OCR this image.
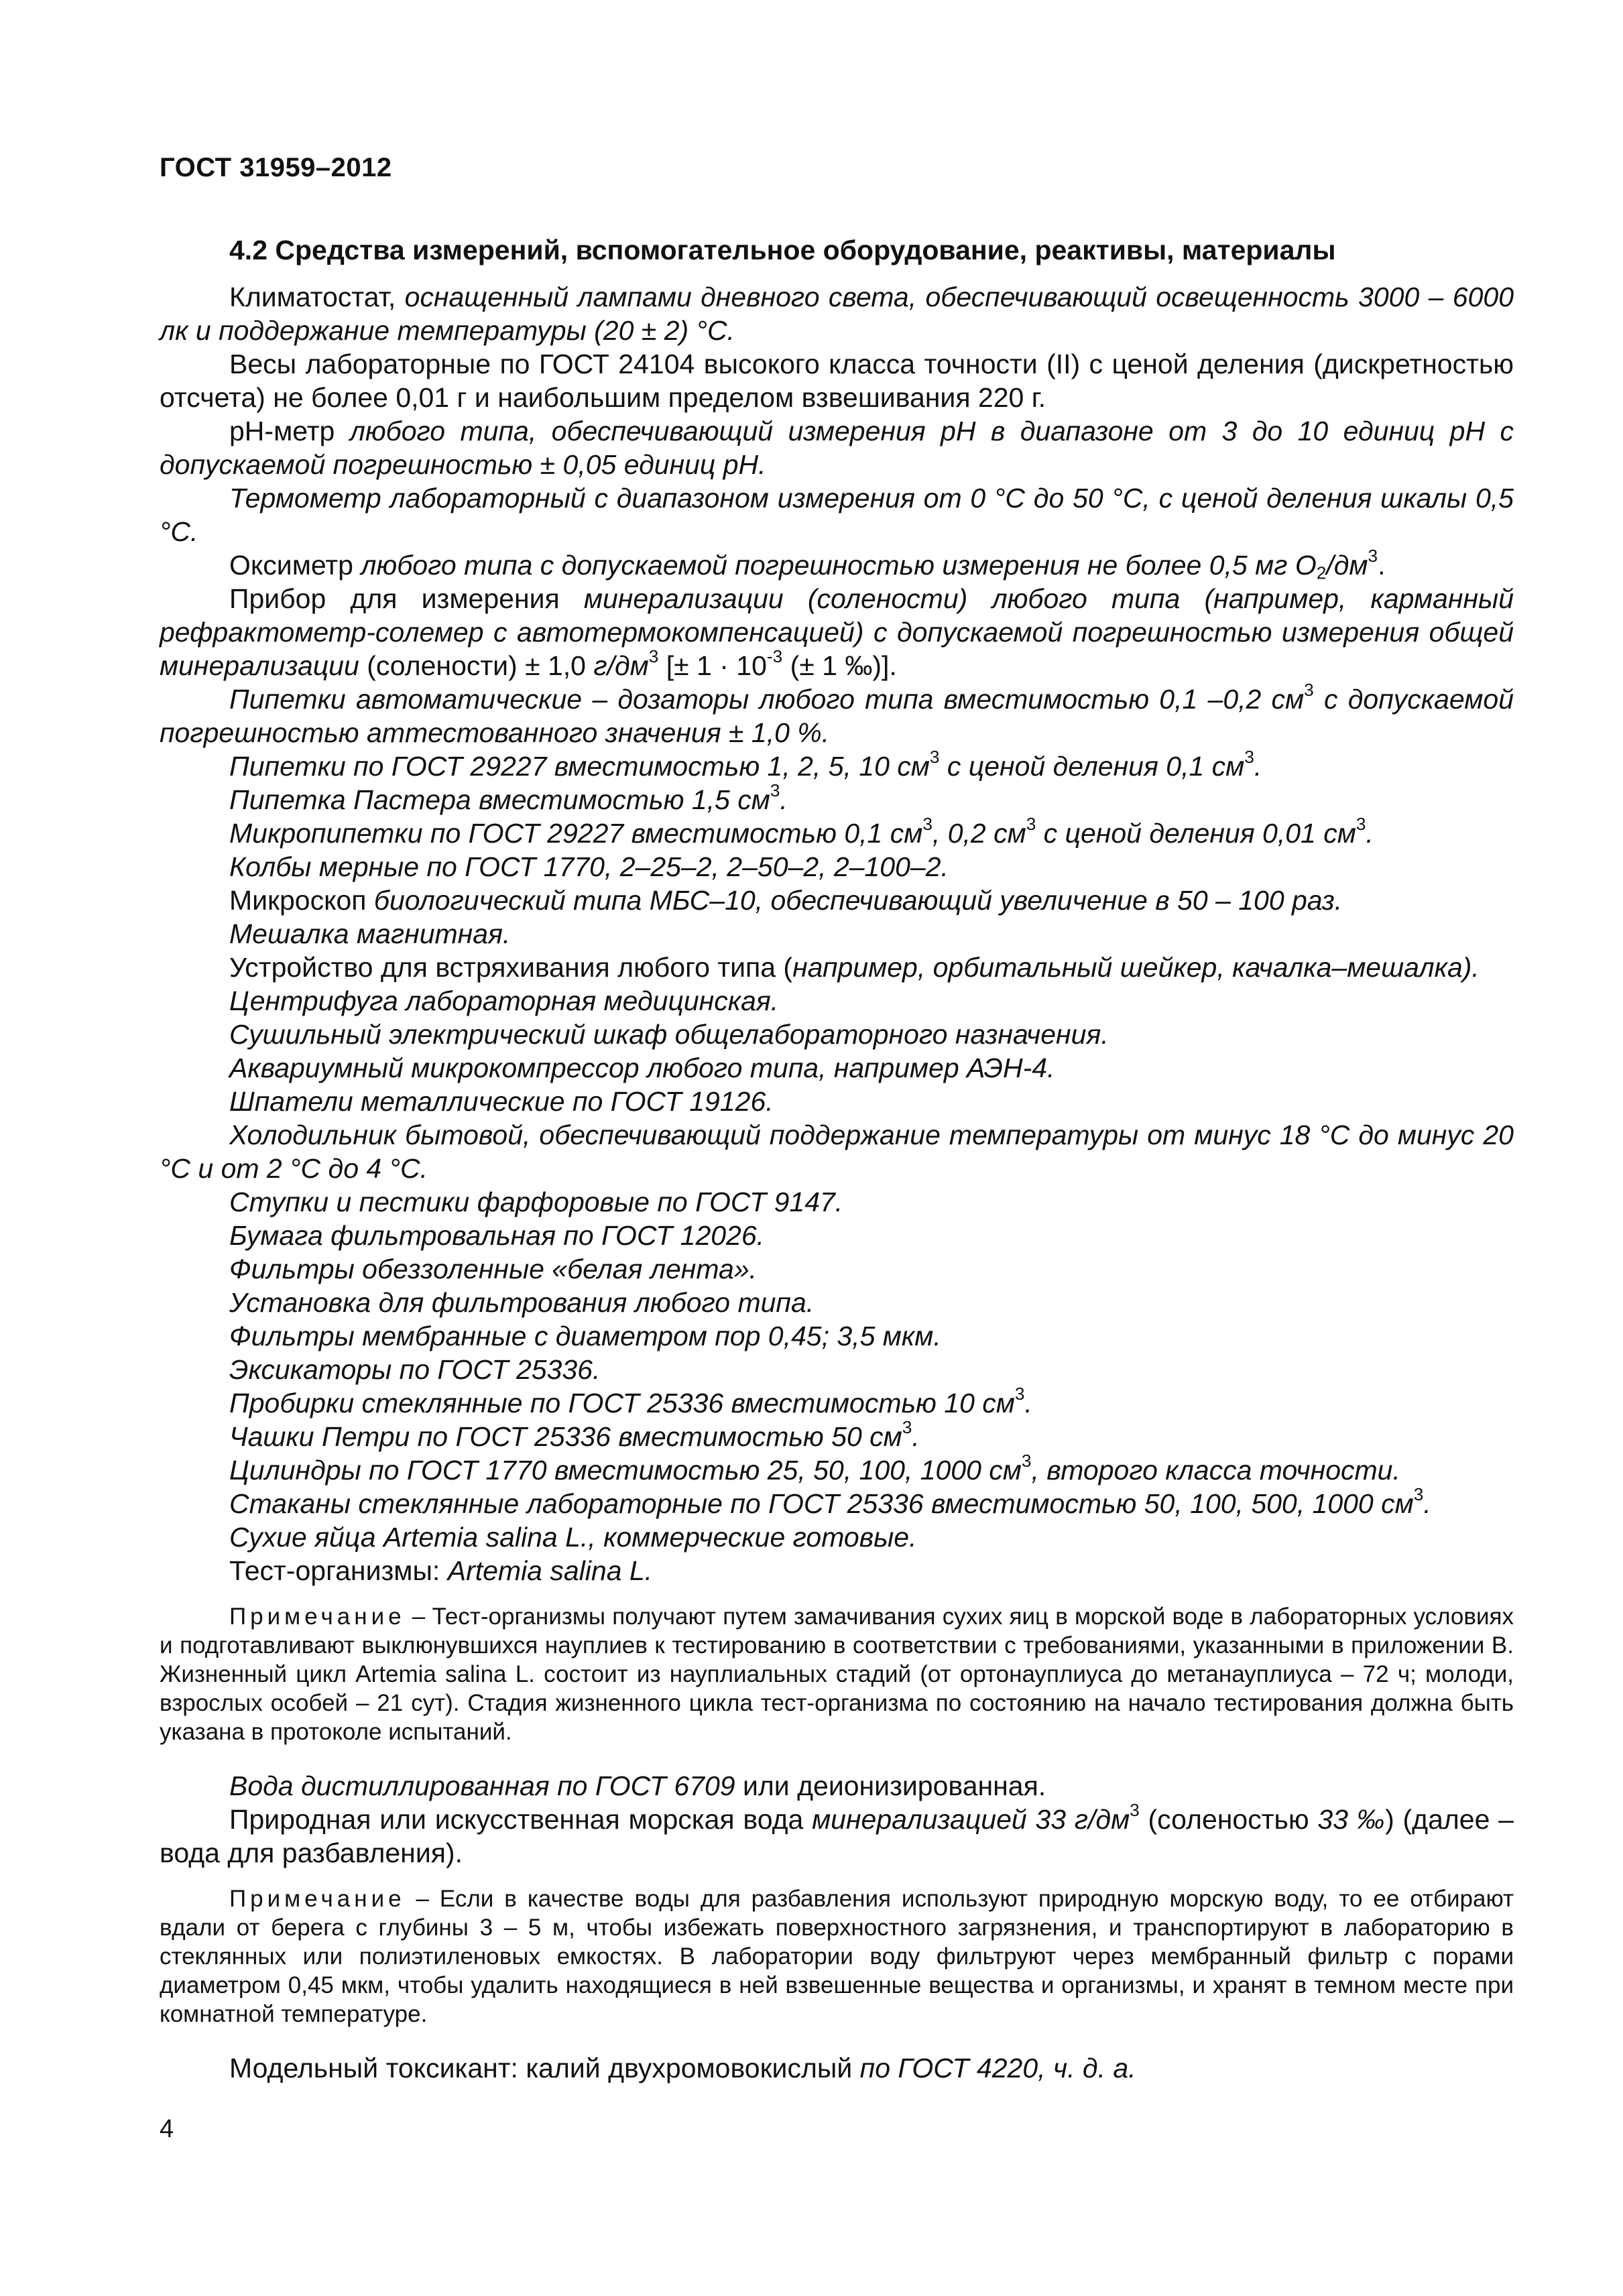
ГОСТ 31959–2012
4.2 Средства измерений, вспомогательное оборудование, реактивы, материалы

Климатостат, оснащенный лампами дневного света, обеспечивающий освещенность 3000 – 6000 лк и поддержание температуры (20 ± 2) °С.

Весы лабораторные по ГОСТ 24104 высокого класса точности (II) с ценой деления (дискретностью отсчета) не более 0,01 г и наибольшим пределом взвешивания 220 г.

рН-метр любого типа, обеспечивающий измерения рН в диапазоне от 3 до 10 единиц рН с допускаемой погрешностью ± 0,05 единиц рН.

Термометр лабораторный с диапазоном измерения от 0 °С до 50 °С, с ценой деления шкалы 0,5 °С.

Оксиметр любого типа с допускаемой погрешностью измерения не более 0,5 мг $О_2/дм^3$.

Прибор для измерения минерализации (солености) любого типа (например, карманный рефрактометр-солемер с автотермокомпенсацией) с допускаемой погрешностью измерения общей минерализации (солености) ± 1,0 $г/дм^3$ [± $1 \cdot 10^{-3}$ (± 1 ‰)].

Пипетки автоматические – дозаторы любого типа вместимостью 0,1 –0,2 $см^3$ с допускаемой погрешностью аттестованного значения ± 1,0 %.

Пипетки по ГОСТ 29227 вместимостью 1, 2, 5, 10 $см^3$ с ценой деления 0,1 $см^3$.

Пипетка Пастера вместимостью 1,5 $см^3$.

Микропипетки по ГОСТ 29227 вместимостью 0,1 $см^3$, 0,2 $см^3$ с ценой деления 0,01 $см^3$.

Колбы мерные по ГОСТ 1770, 2–25–2, 2–50–2, 2–100–2.

Микроскоп биологический типа МБС–10, обеспечивающий увеличение в 50 – 100 раз.

Мешалка магнитная.

Устройство для встряхивания любого типа (например, орбитальный шейкер, качалка–мешалка).

Центрифуга лабораторная медицинская.

Сушильный электрический шкаф общелабораторного назначения.

Аквариумный микрокомпрессор любого типа, например АЭН-4.

Шпатели металлические по ГОСТ 19126.

Холодильник бытовой, обеспечивающий поддержание температуры от минус 18 °С до минус 20 °С и от 2 °С до 4 °С.

Ступки и пестики фарфоровые по ГОСТ 9147.

Бумага фильтровальная по ГОСТ 12026.

Фильтры обеззоленные «белая лента».

Установка для фильтрования любого типа.

Фильтры мембранные с диаметром пор 0,45; 3,5 мкм.

Эксикаторы по ГОСТ 25336.

Пробирки стеклянные по ГОСТ 25336 вместимостью 10 $см^3$.

Чашки Петри по ГОСТ 25336 вместимостью 50 $см^3$.

Цилиндры по ГОСТ 1770 вместимостью 25, 50, 100, 1000 $см^3$, второго класса точности.

Стаканы стеклянные лабораторные по ГОСТ 25336 вместимостью 50, 100, 500, 1000 $см^3$.

Сухие яйца Artemia salina L., коммерческие готовые.

Тест-организмы: Artemia salina L.

Примечание – Тест-организмы получают путем замачивания сухих яиц в морской воде в лабораторных условиях и подготавливают выклюнувшихся науплиев к тестированию в соответствии с требованиями, указанными в приложении В. Жизненный цикл Artemia salina L. состоит из науплиальных стадий (от ортонауплиуса до метанауплиуса – 72 ч; молоди, взрослых особей – 21 сут). Стадия жизненного цикла тест-организма по состоянию на начало тестирования должна быть указана в протоколе испытаний.

Вода дистиллированная по ГОСТ 6709 или деионизированная.

Природная или искусственная морская вода минерализацией 33 $г/дм^3$ (соленостью 33 ‰) (далее – вода для разбавления).

Примечание – Если в качестве воды для разбавления используют природную морскую воду, то ее отбирают вдали от берега с глубины 3 – 5 м, чтобы избежать поверхностного загрязнения, и транспортируют в лабораторию в стеклянных или полиэтиленовых емкостях. В лаборатории воду фильтруют через мембранный фильтр с порами диаметром 0,45 мкм, чтобы удалить находящиеся в ней взвешенные вещества и организмы, и хранят в темном месте при комнатной температуре.

Модельный токсикант: калий двухромовокислый по ГОСТ 4220, ч. д. а.

4
